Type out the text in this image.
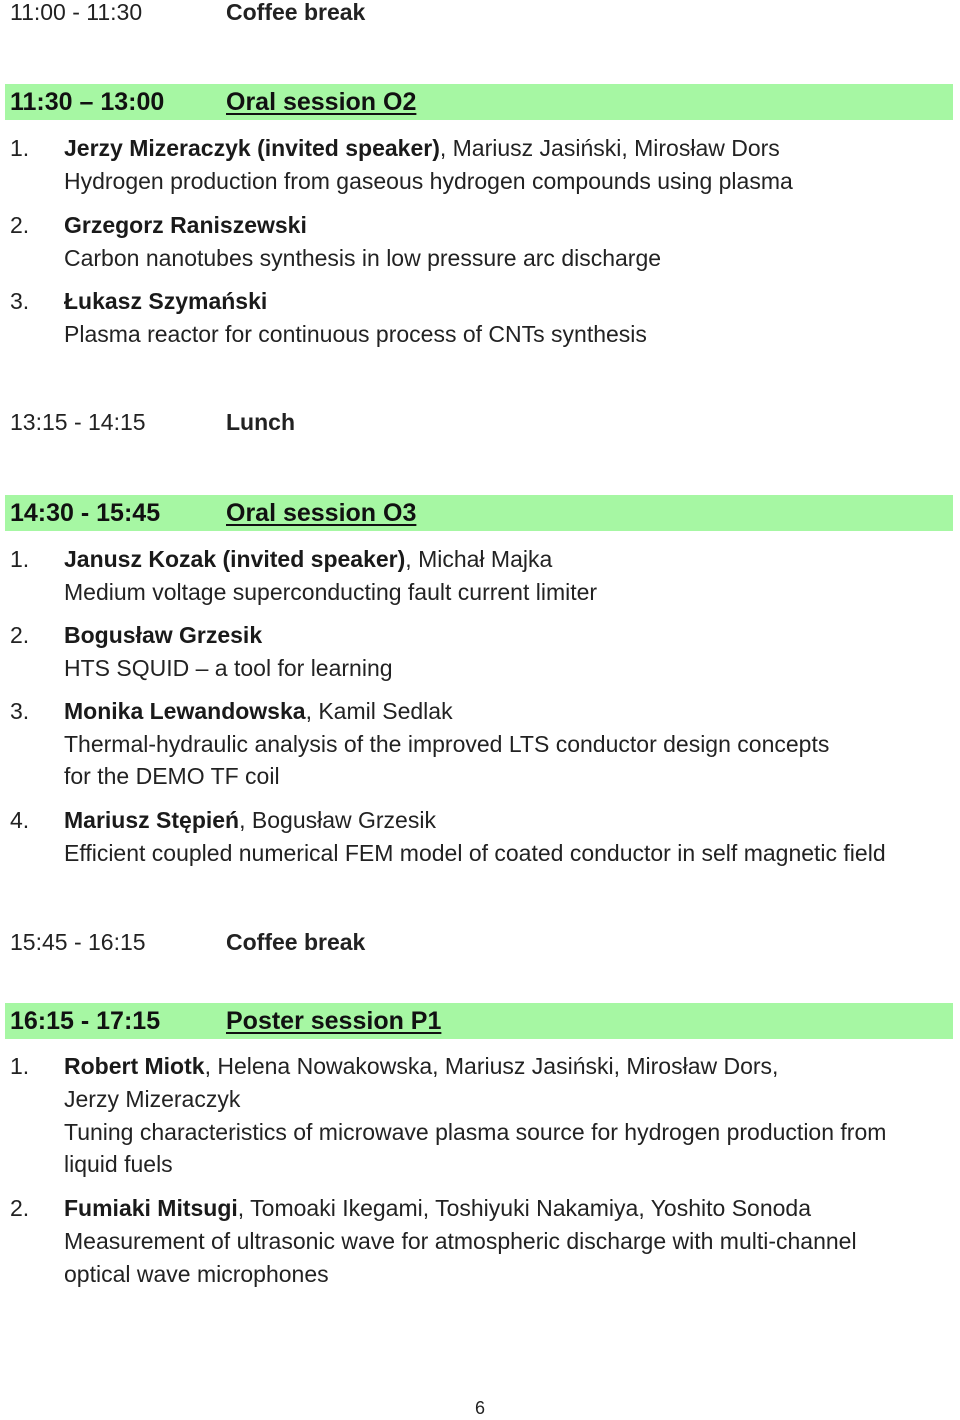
11:00 - 11:30	Coffee break
11:30 – 13:00 Oral session O2
1. Jerzy Mizeraczyk (invited speaker), Mariusz Jasiński, Mirosław Dors
Hydrogen production from gaseous hydrogen compounds using plasma
2. Grzegorz Raniszewski
Carbon nanotubes synthesis in low pressure arc discharge
3. Łukasz Szymański
Plasma reactor for continuous process of CNTs synthesis
13:15 - 14:15	Lunch
14:30 - 15:45	Oral session O3
1. Janusz Kozak (invited speaker), Michał Majka
Medium voltage superconducting fault current limiter
2. Bogusław Grzesik
HTS SQUID – a tool for learning
3. Monika Lewandowska, Kamil Sedlak
Thermal-hydraulic analysis of the improved LTS conductor design concepts
for the DEMO TF coil
4. Mariusz Stępień, Bogusław Grzesik
Efficient coupled numerical FEM model of coated conductor in self magnetic field
15:45 - 16:15	Coffee break
16:15 - 17:15	Poster session P1
1. Robert Miotk, Helena Nowakowska, Mariusz Jasiński, Mirosław Dors,
Jerzy Mizeraczyk
Tuning characteristics of microwave plasma source for hydrogen production from
liquid fuels
2. Fumiaki Mitsugi, Tomoaki Ikegami, Toshiyuki Nakamiya, Yoshito Sonoda
Measurement of ultrasonic wave for atmospheric discharge with multi-channel
optical wave microphones
6
